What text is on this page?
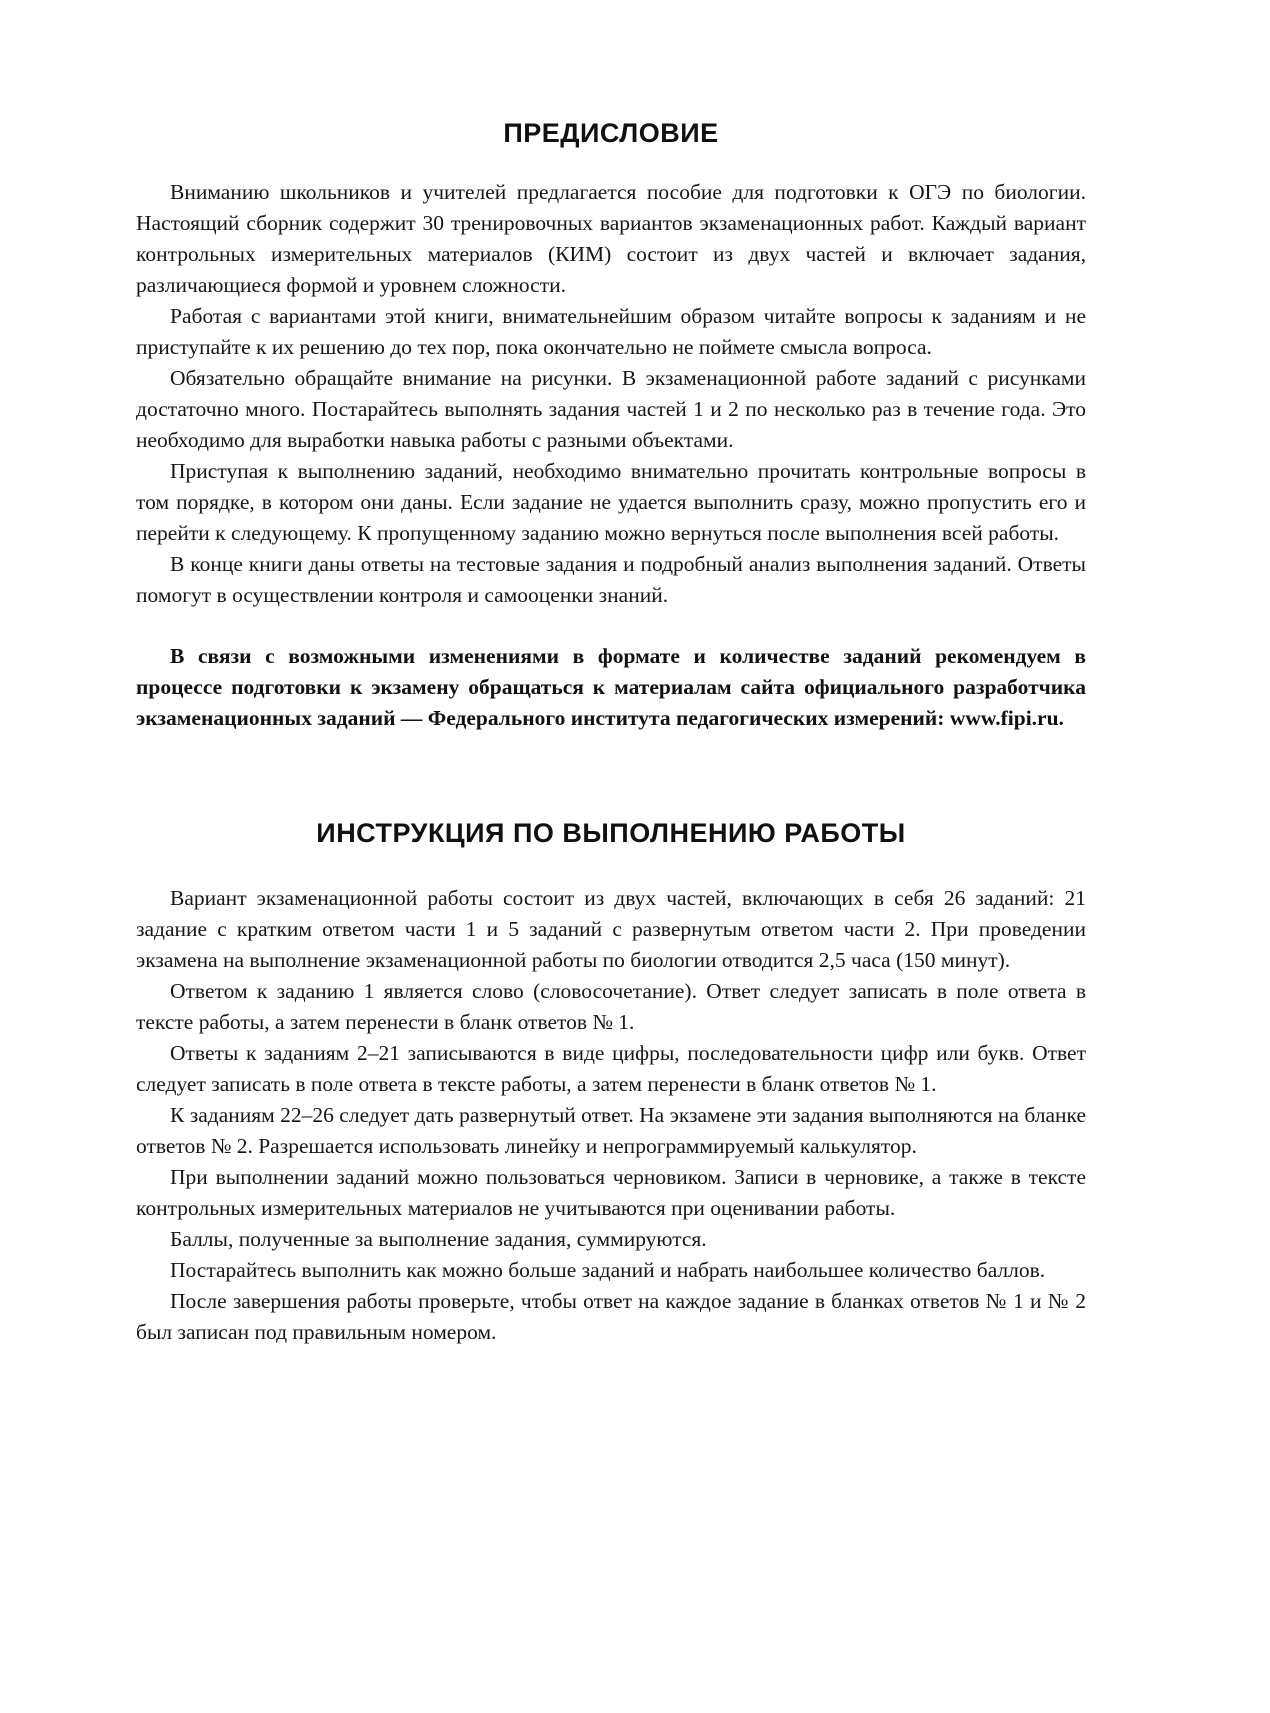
ПРЕДИСЛОВИЕ

Вниманию школьников и учителей предлагается пособие для подготовки к ОГЭ по биологии. Настоящий сборник содержит 30 тренировочных вариантов экзаменационных работ. Каждый вариант контрольных измерительных материалов (КИМ) состоит из двух частей и включает задания, различающиеся формой и уровнем сложности.

Работая с вариантами этой книги, внимательнейшим образом читайте вопросы к заданиям и не приступайте к их решению до тех пор, пока окончательно не поймете смысла вопроса.

Обязательно обращайте внимание на рисунки. В экзаменационной работе заданий с рисунками достаточно много. Постарайтесь выполнять задания частей 1 и 2 по несколько раз в течение года. Это необходимо для выработки навыка работы с разными объектами.

Приступая к выполнению заданий, необходимо внимательно прочитать контрольные вопросы в том порядке, в котором они даны. Если задание не удается выполнить сразу, можно пропустить его и перейти к следующему. К пропущенному заданию можно вернуться после выполнения всей работы.

В конце книги даны ответы на тестовые задания и подробный анализ выполнения заданий. Ответы помогут в осуществлении контроля и самооценки знаний.

В связи с возможными изменениями в формате и количестве заданий рекомендуем в процессе подготовки к экзамену обращаться к материалам сайта официального разработчика экзаменационных заданий — Федерального института педагогических измерений: www.fipi.ru.

ИНСТРУКЦИЯ ПО ВЫПОЛНЕНИЮ РАБОТЫ

Вариант экзаменационной работы состоит из двух частей, включающих в себя 26 заданий: 21 задание с кратким ответом части 1 и 5 заданий с развернутым ответом части 2. При проведении экзамена на выполнение экзаменационной работы по биологии отводится 2,5 часа (150 минут).

Ответом к заданию 1 является слово (словосочетание). Ответ следует записать в поле ответа в тексте работы, а затем перенести в бланк ответов № 1.

Ответы к заданиям 2–21 записываются в виде цифры, последовательности цифр или букв. Ответ следует записать в поле ответа в тексте работы, а затем перенести в бланк ответов № 1.

К заданиям 22–26 следует дать развернутый ответ. На экзамене эти задания выполняются на бланке ответов № 2. Разрешается использовать линейку и непрограммируемый калькулятор.

При выполнении заданий можно пользоваться черновиком. Записи в черновике, а также в тексте контрольных измерительных материалов не учитываются при оценивании работы.

Баллы, полученные за выполнение задания, суммируются.

Постарайтесь выполнить как можно больше заданий и набрать наибольшее количество баллов.

После завершения работы проверьте, чтобы ответ на каждое задание в бланках ответов № 1 и № 2 был записан под правильным номером.
